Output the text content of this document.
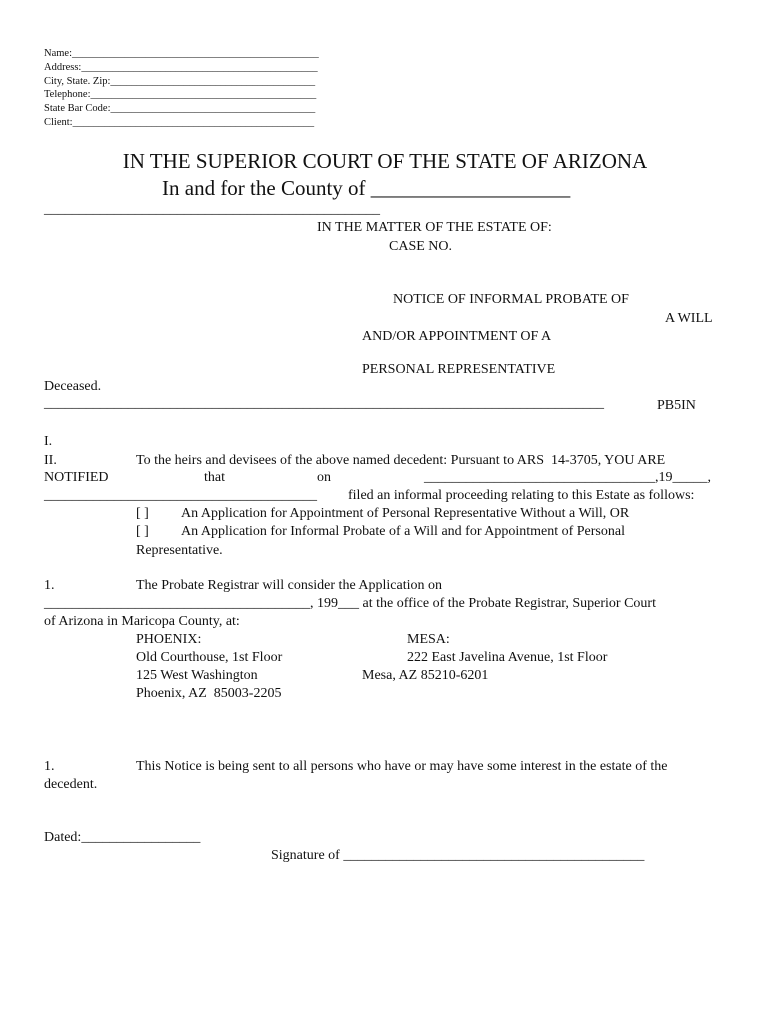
Name:_______________________________________________
Address:_____________________________________________
City, State. Zip:_______________________________________
Telephone:___________________________________________
State Bar Code:_______________________________________
Client:______________________________________________
IN THE SUPERIOR COURT OF THE STATE OF ARIZONA
In and for the County of ___________________
________________________________________________
IN THE MATTER OF THE ESTATE OF:
CASE NO.
NOTICE OF INFORMAL PROBATE OF
A WILL
AND/OR APPOINTMENT OF A
PERSONAL REPRESENTATIVE
Deceased.
________________________________________________________________________________	PB5IN
I.
II.	To the heirs and devisees of the above named decedent: Pursuant to ARS  14-3705, YOU ARE
NOTIFIED	that	on	_________________________________,19_____,
_______________________________________ filed an informal proceeding relating to this Estate as follows:
[ ] An Application for Appointment of Personal Representative Without a Will, OR
[ ] An Application for Informal Probate of a Will and for Appointment of Personal
Representative.
1.	The Probate Registrar will consider the Application on
______________________________________, 199___ at the office of the Probate Registrar, Superior Court
of Arizona in Maricopa County, at:
PHOENIX:
Old Courthouse, 1st Floor
125 West Washington
Phoenix, AZ  85003-2205
MESA:
222 East Javelina Avenue, 1st Floor
Mesa, AZ 85210-6201
1.	This Notice is being sent to all persons who have or may have some interest in the estate of the
decedent.
Dated:_________________
Signature of ___________________________________________
